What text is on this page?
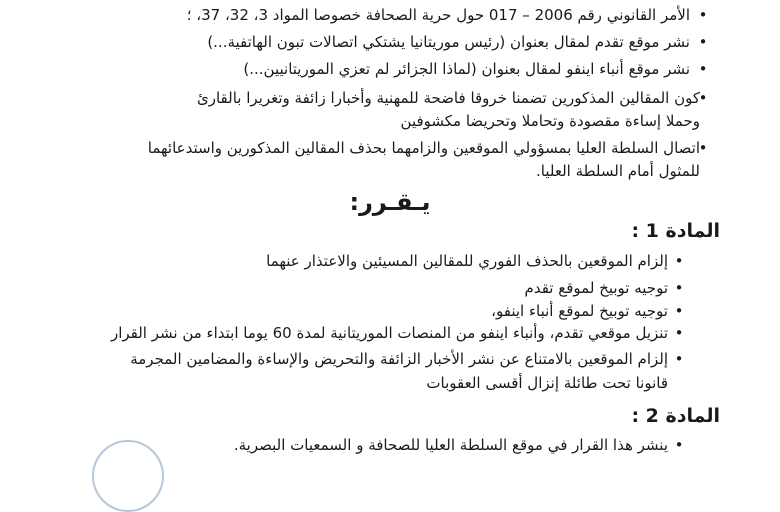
•
الأمر القانوني رقم 2006 – 017 حول حرية الصحافة خصوصا المواد 3، 32، 37، ؛
•
نشر موقع تقدم لمقال بعنوان (رئيس موريتانيا يشتكي اتصالات تبون الهاتفية...)
•
نشر موقع أنباء اينفو لمقال بعنوان (لماذا الجزائر لم تعزي الموريتانيين...)
•
كون المقالين المذكورين تضمنا خروقا فاضحة للمهنية وأخبارا زائفة وتغريرا بالقارئ
وحملا إساءة مقصودة وتحاملا وتحريضا مكشوفين
•
اتصال السلطة العليا بمسؤولي الموقعين والزامهما بحذف المقالين المذكورين واستدعائهما
للمثول أمام السلطة العليا.
يـقـرر:
المادة 1 :
•
إلزام الموقعين بالحذف الفوري للمقالين المسيئين والاعتذار عنهما
•
توجيه توبيخ لموقع تقدم
•
توجيه توبيخ لموقع أنباء اينفو،
•
تنزيل موقعي تقدم، وأنباء اينفو من المنصات الموريتانية لمدة 60 يوما ابتداء من نشر القرار
•
إلزام الموقعين بالامتناع عن نشر الأخبار الزائفة والتحريض والإساءة والمضامين المجرمة
قانونا تحت طائلة إنزال أقسى العقوبات
المادة 2 :
•
ينشر هذا القرار في موقع السلطة العليا للصحافة و السمعيات البصرية.
